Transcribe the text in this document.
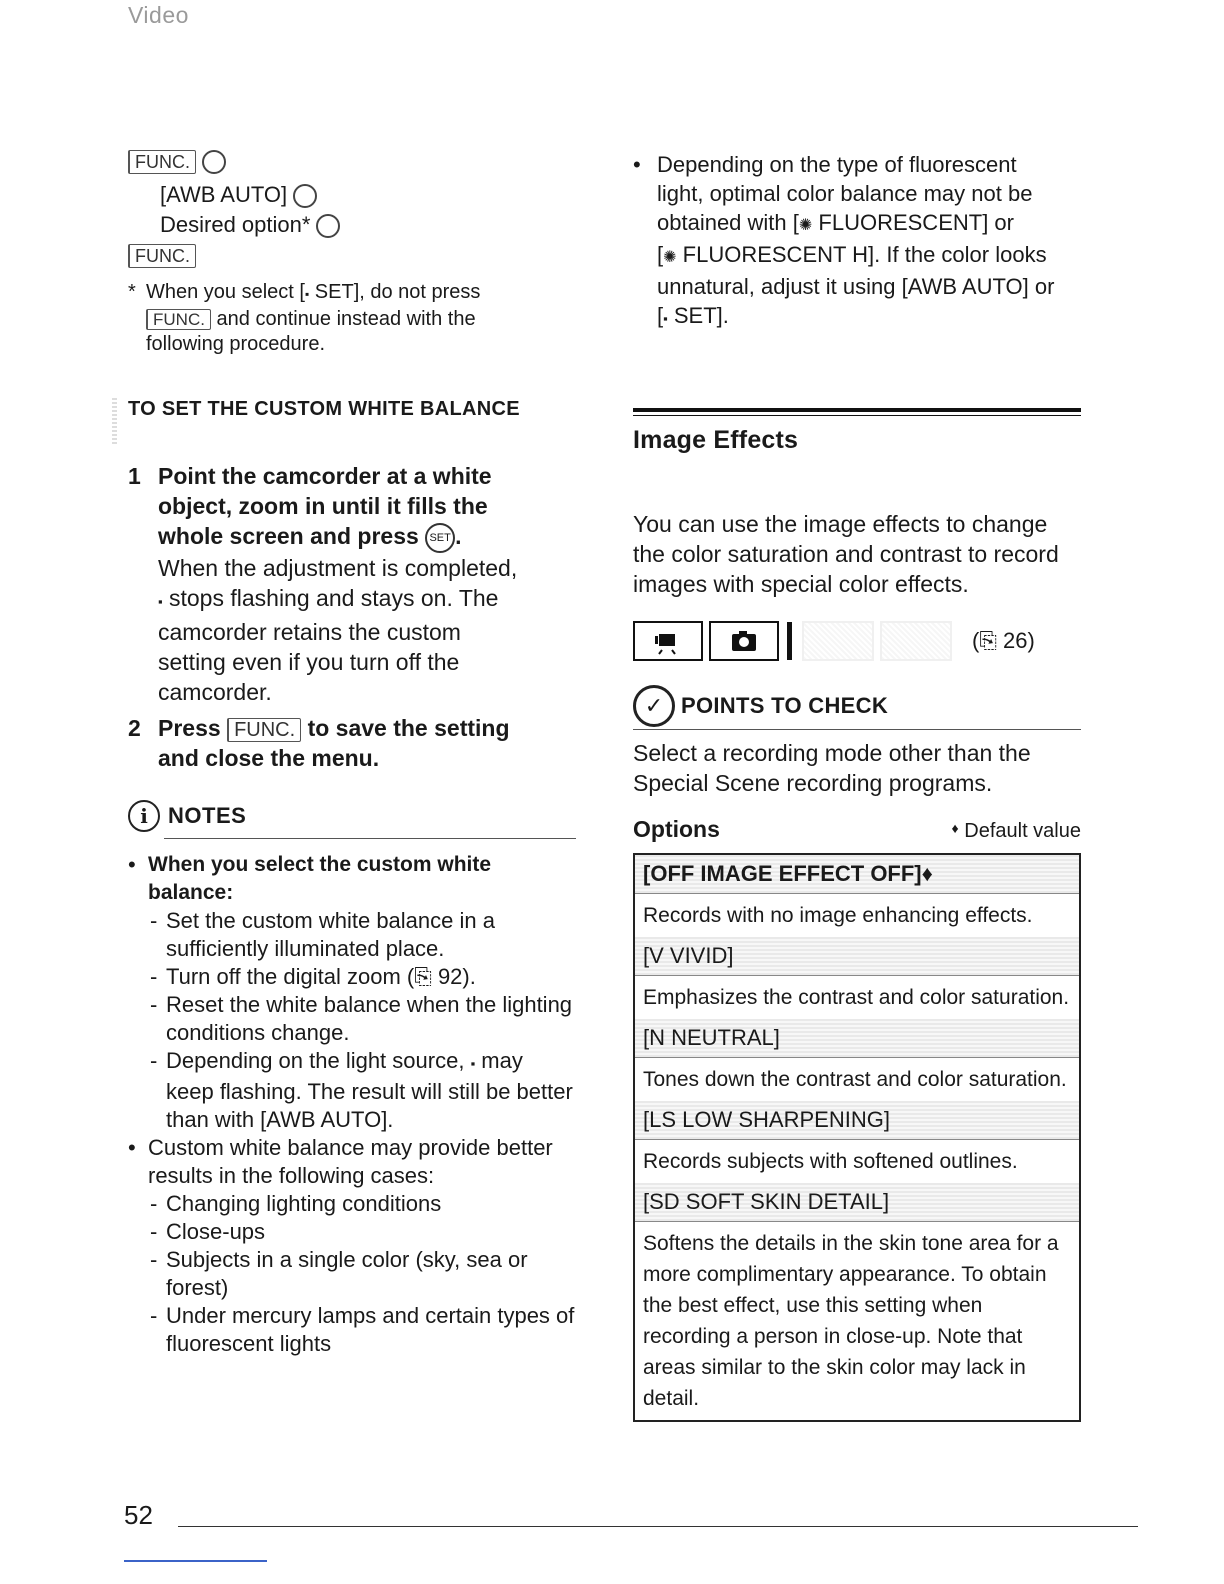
Video
FUNC.
[AWB AUTO]
Desired option*
FUNC.
* When you select [▪ SET], do not press
FUNC. and continue instead with the
following procedure.
TO SET THE CUSTOM WHITE BALANCE
1 Point the camcorder at a white
object, zoom in until it fills the
whole screen and press SET .
When the adjustment is completed,
▪ stops flashing and stays on. The
camcorder retains the custom
setting even if you turn off the
camcorder.
2 Press FUNC. to save the setting
and close the menu.
i NOTES
• When you select the custom white balance:
- Set the custom white balance in a sufficiently illuminated place.
- Turn off the digital zoom (⎘ 92).
- Reset the white balance when the lighting conditions change.
- Depending on the light source, ▪ may keep flashing. The result will still be better than with [AWB AUTO].
• Custom white balance may provide better results in the following cases:
- Changing lighting conditions
- Close-ups
- Subjects in a single color (sky, sea or forest)
- Under mercury lamps and certain types of fluorescent lights
• Depending on the type of fluorescent
light, optimal color balance may not be
obtained with [✺ FLUORESCENT] or
[✺ FLUORESCENT H]. If the color looks
unnatural, adjust it using [AWB AUTO] or
[▪ SET].
Image Effects
You can use the image effects to change the color saturation and contrast to record images with special color effects.
(⎘ 26)
✓ POINTS TO CHECK
Select a recording mode other than the Special Scene recording programs.
Options	♦ Default value
[OFF IMAGE EFFECT OFF]♦
Records with no image enhancing effects.
[V VIVID]
Emphasizes the contrast and color saturation.
[N NEUTRAL]
Tones down the contrast and color saturation.
[LS LOW SHARPENING]
Records subjects with softened outlines.
[SD SOFT SKIN DETAIL]
Softens the details in the skin tone area for a more complimentary appearance. To obtain the best effect, use this setting when recording a person in close-up. Note that areas similar to the skin color may lack in detail.
52
